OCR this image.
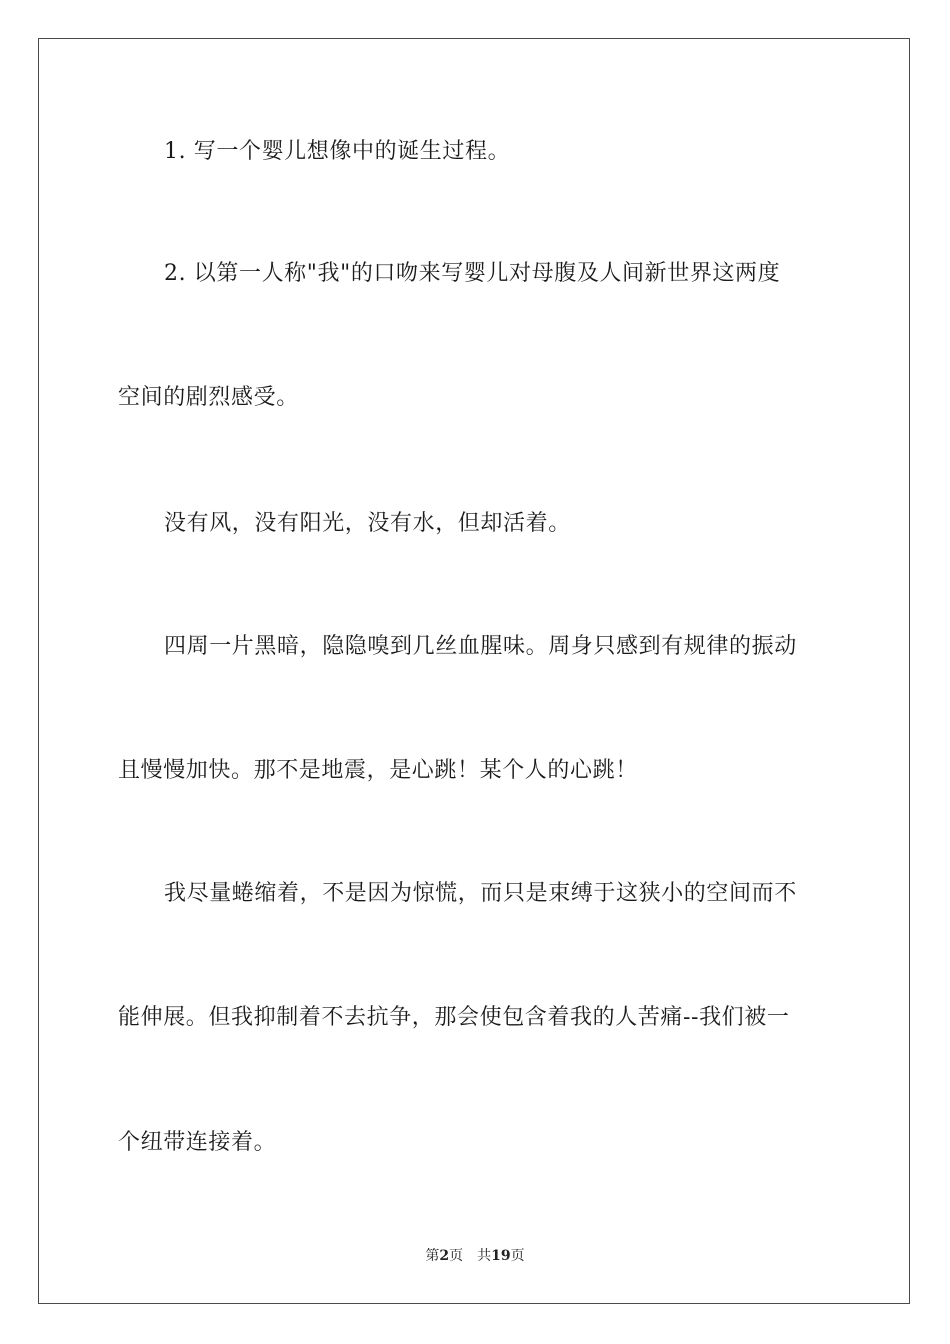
1. 写一个婴儿想像中的诞生过程。
2. 以第一人称"我"的口吻来写婴儿对母腹及人间新世界这两度
空间的剧烈感受。
没有风，没有阳光，没有水，但却活着。
四周一片黑暗，隐隐嗅到几丝血腥味。周身只感到有规律的振动
且慢慢加快。那不是地震，是心跳！某个人的心跳！
我尽量蜷缩着，不是因为惊慌，而只是束缚于这狭小的空间而不
能伸展。但我抑制着不去抗争，那会使包含着我的人苦痛--我们被一
个纽带连接着。
第2页 共19页
